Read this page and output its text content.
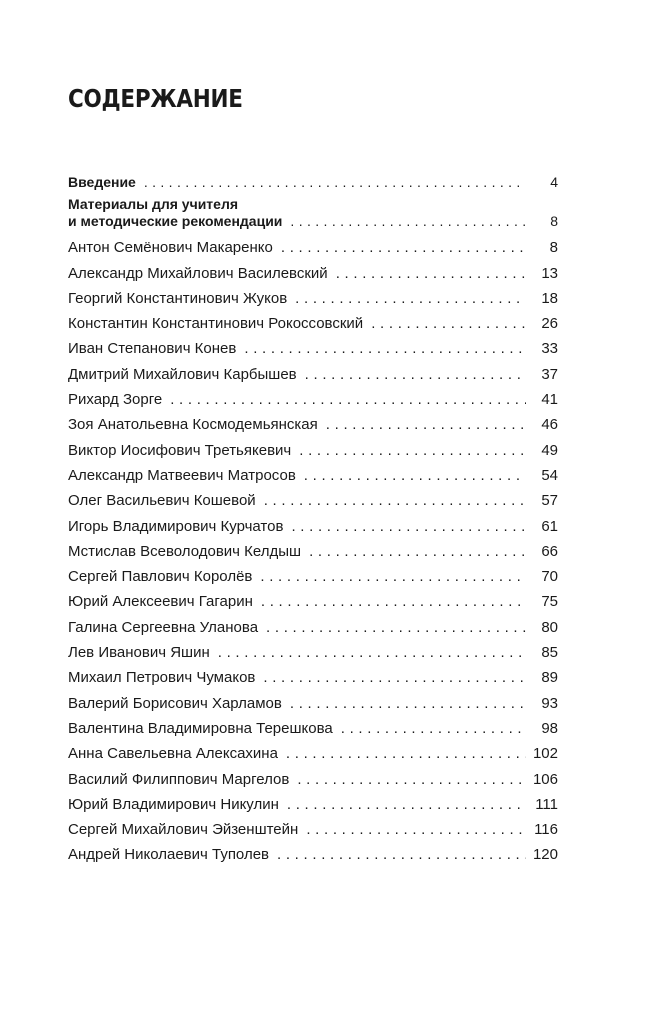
СОДЕРЖАНИЕ
Введение . . .	4
Материалы для учителя
и методические рекомендации . . .	8
Антон Семёнович Макаренко . . .	8
Александр Михайлович Василевский . . .	13
Георгий Константинович Жуков . . .	18
Константин Константинович Рокоссовский . . .	26
Иван Степанович Конев . . .	33
Дмитрий Михайлович Карбышев . . .	37
Рихард Зорге . . .	41
Зоя Анатольевна Космодемьянская . . .	46
Виктор Иосифович Третьякевич . . .	49
Александр Матвеевич Матросов . . .	54
Олег Васильевич Кошевой . . .	57
Игорь Владимирович Курчатов . . .	61
Мстислав Всеволодович Келдыш . . .	66
Сергей Павлович Королёв . . .	70
Юрий Алексеевич Гагарин . . .	75
Галина Сергеевна Уланова . . .	80
Лев Иванович Яшин . . .	85
Михаил Петрович Чумаков . . .	89
Валерий Борисович Харламов . . .	93
Валентина Владимировна Терешкова . . .	98
Анна Савельевна Алексахина . . .	102
Василий Филиппович Маргелов . . .	106
Юрий Владимирович Никулин . . .	111
Сергей Михайлович Эйзенштейн . . .	116
Андрей Николаевич Туполев . . .	120
